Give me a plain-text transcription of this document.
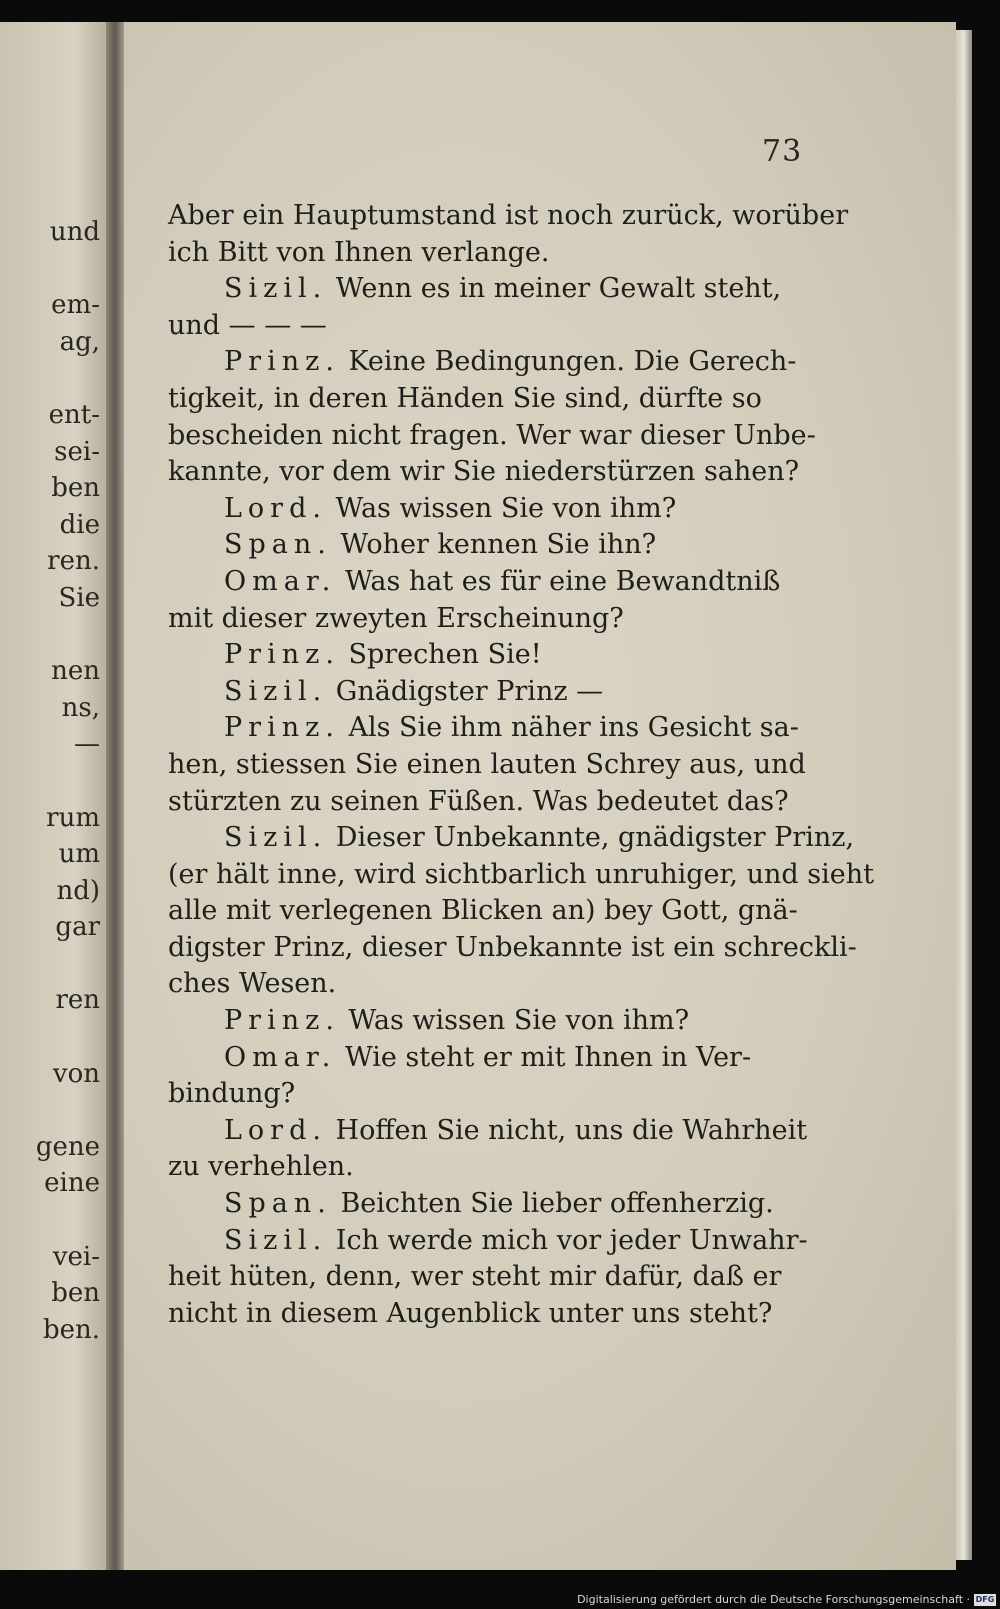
und
em-
ag,
ent-
sei-
ben
die
ren.
Sie
nen
ns,
—
rum
um
nd)
gar
ren
von
gene
eine
vei-
ben
ben.
73
Aber ein Hauptumstand ist noch zurück, worüber
ich Bitt von Ihnen verlange.
Sizil. Wenn es in meiner Gewalt steht,
und — — —
Prinz. Keine Bedingungen. Die Gerech-
tigkeit, in deren Händen Sie sind, dürfte so
bescheiden nicht fragen. Wer war dieser Unbe-
kannte, vor dem wir Sie niederstürzen sahen?
Lord. Was wissen Sie von ihm?
Span. Woher kennen Sie ihn?
Omar. Was hat es für eine Bewandtniß
mit dieser zweyten Erscheinung?
Prinz. Sprechen Sie!
Sizil. Gnädigster Prinz —
Prinz. Als Sie ihm näher ins Gesicht sa-
hen, stiessen Sie einen lauten Schrey aus, und
stürzten zu seinen Füßen. Was bedeutet das?
Sizil. Dieser Unbekannte, gnädigster Prinz,
(er hält inne, wird sichtbarlich unruhiger, und sieht
alle mit verlegenen Blicken an) bey Gott, gnä-
digster Prinz, dieser Unbekannte ist ein schreckli-
ches Wesen.
Prinz. Was wissen Sie von ihm?
Omar. Wie steht er mit Ihnen in Ver-
bindung?
Lord. Hoffen Sie nicht, uns die Wahrheit
zu verhehlen.
Span. Beichten Sie lieber offenherzig.
Sizil. Ich werde mich vor jeder Unwahr-
heit hüten, denn, wer steht mir dafür, daß er
nicht in diesem Augenblick unter uns steht?
Digitalisierung gefördert durch die Deutsche Forschungsgemeinschaft · DFG
